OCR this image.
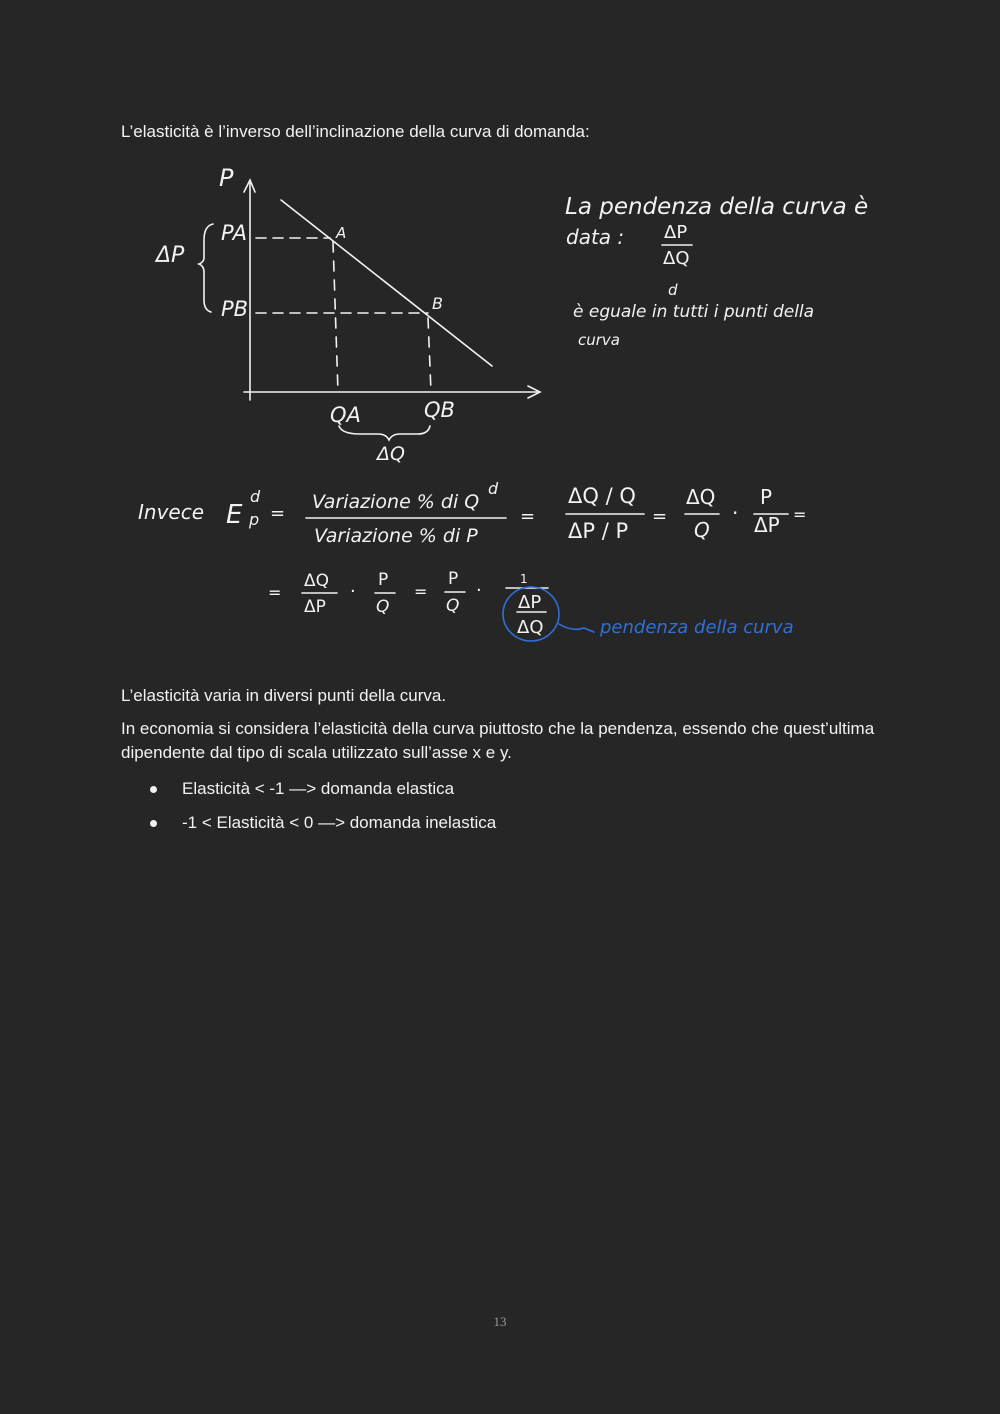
L’elasticità è l’inverso dell’inclinazione della curva di domanda:
P
ΔP
PA
PB
A
B
QA	QB
ΔQ
La pendenza della curva è
data : ΔP
ΔQ
d
è eguale in tutti i punti della
curva
Invece E
d
p =
Variazione % di Q
d
Variazione % di P
=
ΔQ / Q
ΔP / P
=
ΔQ
Q
·
P
ΔP =
=
ΔQ
ΔP
·
P
Q
=
P
Q
·
1
ΔP
ΔQ	pendenza della curva
L’elasticità varia in diversi punti della curva.
In economia si considera l’elasticità della curva piuttosto che la pendenza, essendo che quest’ultima dipendente dal tipo di scala utilizzato sull’asse x e y.
Elasticità < -1 —> domanda elastica
-1 < Elasticità < 0 —> domanda inelastica
13
